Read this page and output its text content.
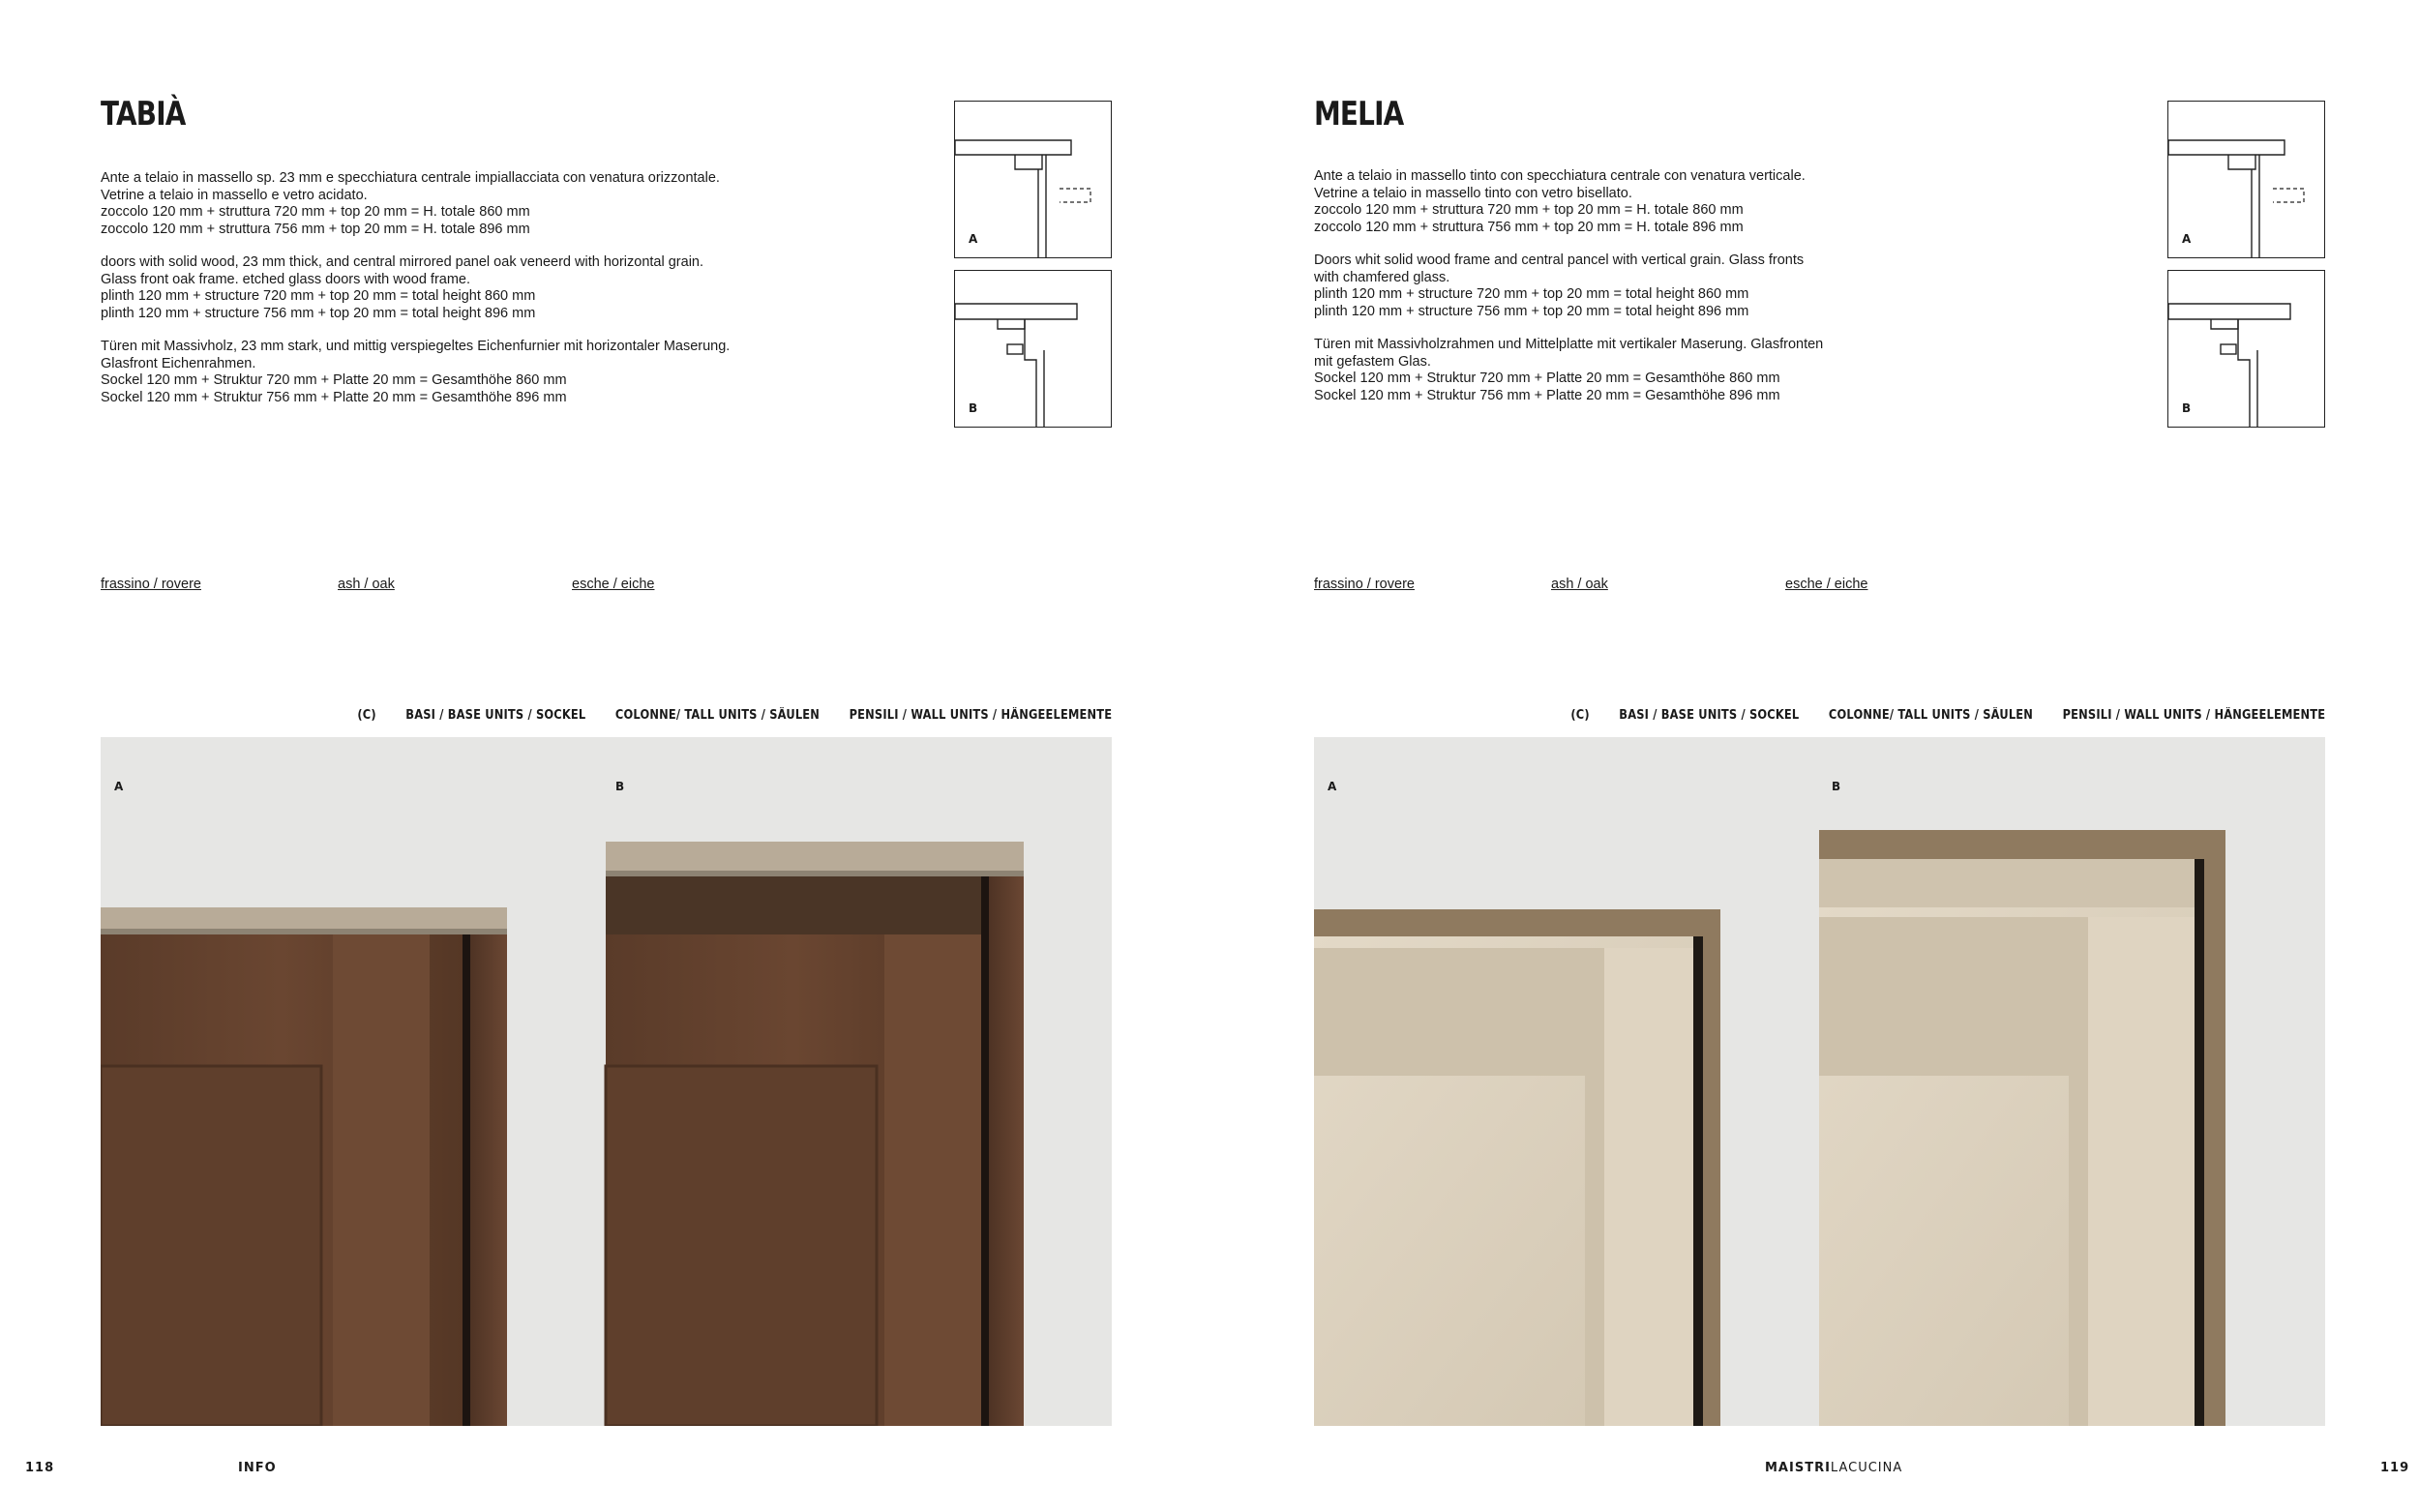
TABIÀ

Ante a telaio in massello sp. 23 mm e specchiatura centrale impiallacciata con venatura orizzontale.
Vetrine a telaio in massello e vetro acidato.
zoccolo 120 mm + struttura 720 mm + top 20 mm = H. totale 860 mm
zoccolo 120 mm + struttura 756 mm + top 20 mm = H. totale 896 mm

doors with solid wood, 23 mm thick, and central mirrored panel oak veneerd with horizontal grain.
Glass front oak frame. etched glass doors with wood frame.
plinth 120 mm + structure 720 mm + top 20 mm = total height 860 mm
plinth 120 mm + structure 756 mm + top 20 mm = total height 896 mm

Türen mit Massivholz, 23 mm stark, und mittig verspiegeltes Eichenfurnier mit horizontaler Maserung.
Glasfront Eichenrahmen.
Sockel 120 mm + Struktur 720 mm + Platte 20 mm = Gesamthöhe 860 mm
Sockel 120 mm + Struktur 756 mm + Platte 20 mm = Gesamthöhe 896 mm

A
B
frassino / rovere	ash / oak	esche / eiche
(C) BASI / BASE UNITS / SOCKEL COLONNE/ TALL UNITS / SÄULEN PENSILI / WALL UNITS / HÄNGEELEMENTE
A	B
MELIA

Ante a telaio in massello tinto con specchiatura centrale con venatura verticale.
Vetrine a telaio in massello tinto con vetro bisellato.
zoccolo 120 mm + struttura 720 mm + top 20 mm = H. totale 860 mm
zoccolo 120 mm + struttura 756 mm + top 20 mm = H. totale 896 mm

Doors whit solid wood frame and central pancel with vertical grain. Glass fronts
with chamfered glass.
plinth 120 mm + structure 720 mm + top 20 mm = total height 860 mm
plinth 120 mm + structure 756 mm + top 20 mm = total height 896 mm

Türen mit Massivholzrahmen und Mittelplatte mit vertikaler Maserung. Glasfronten
mit gefastem Glas.
Sockel 120 mm + Struktur 720 mm + Platte 20 mm = Gesamthöhe 860 mm
Sockel 120 mm + Struktur 756 mm + Platte 20 mm = Gesamthöhe 896 mm

A
B
frassino / rovere	ash / oak	esche / eiche
(C) BASI / BASE UNITS / SOCKEL COLONNE/ TALL UNITS / SÄULEN PENSILI / WALL UNITS / HÄNGEELEMENTE
A	B
118	INFO	MAISTRILACUCINA	119
